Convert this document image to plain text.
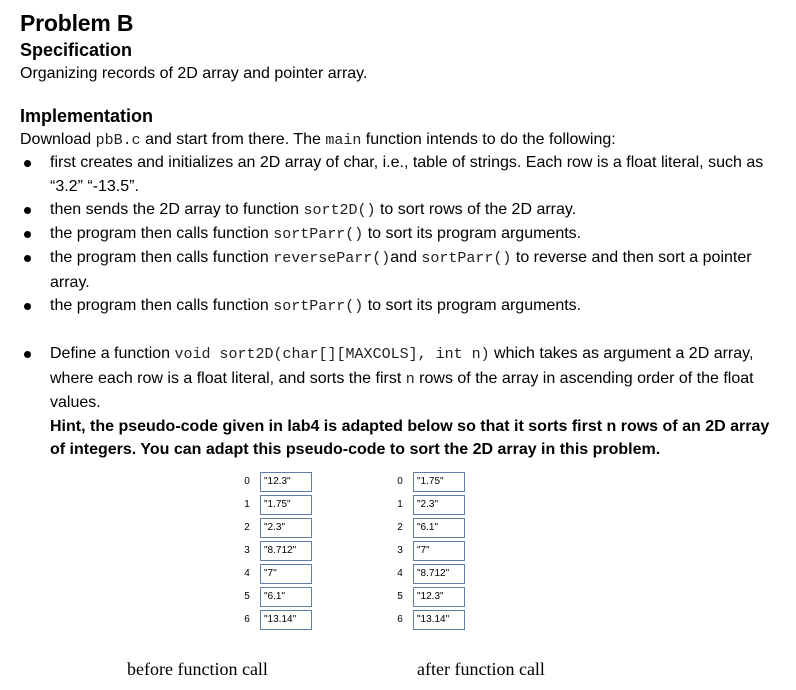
Problem B
Specification
Organizing records of 2D array and pointer array.
Implementation
Download pbB.c and start from there. The main function intends to do the following:
first creates and initializes an 2D array of char, i.e., table of strings. Each row is a float literal, such as “3.2” “-13.5”.
then sends the 2D array to function sort2D() to sort rows of the 2D array.
the program then calls function sortParr() to sort its program arguments.
the program then calls function reverseParr()and sortParr() to reverse and then sort a pointer array.
the program then calls function sortParr() to sort its program arguments.
Define a function void sort2D(char[][MAXCOLS], int n) which takes as argument a 2D array, where each row is a float literal, and sorts the first n rows of the array in ascending order of the float values.
Hint, the pseudo-code given in lab4 is adapted below so that it sorts first n rows of an 2D array of integers. You can adapt this pseudo-code to sort the 2D array in this problem.
0	"12.3"
1	"1.75"
2	"2.3"
3	"8.712"
4	"7"
5	"6.1"
6	"13.14"
0	"1.75"
1	"2.3"
2	"6.1"
3	"7"
4	"8.712"
5	"12.3"
6	"13.14"
before function call	after function call
